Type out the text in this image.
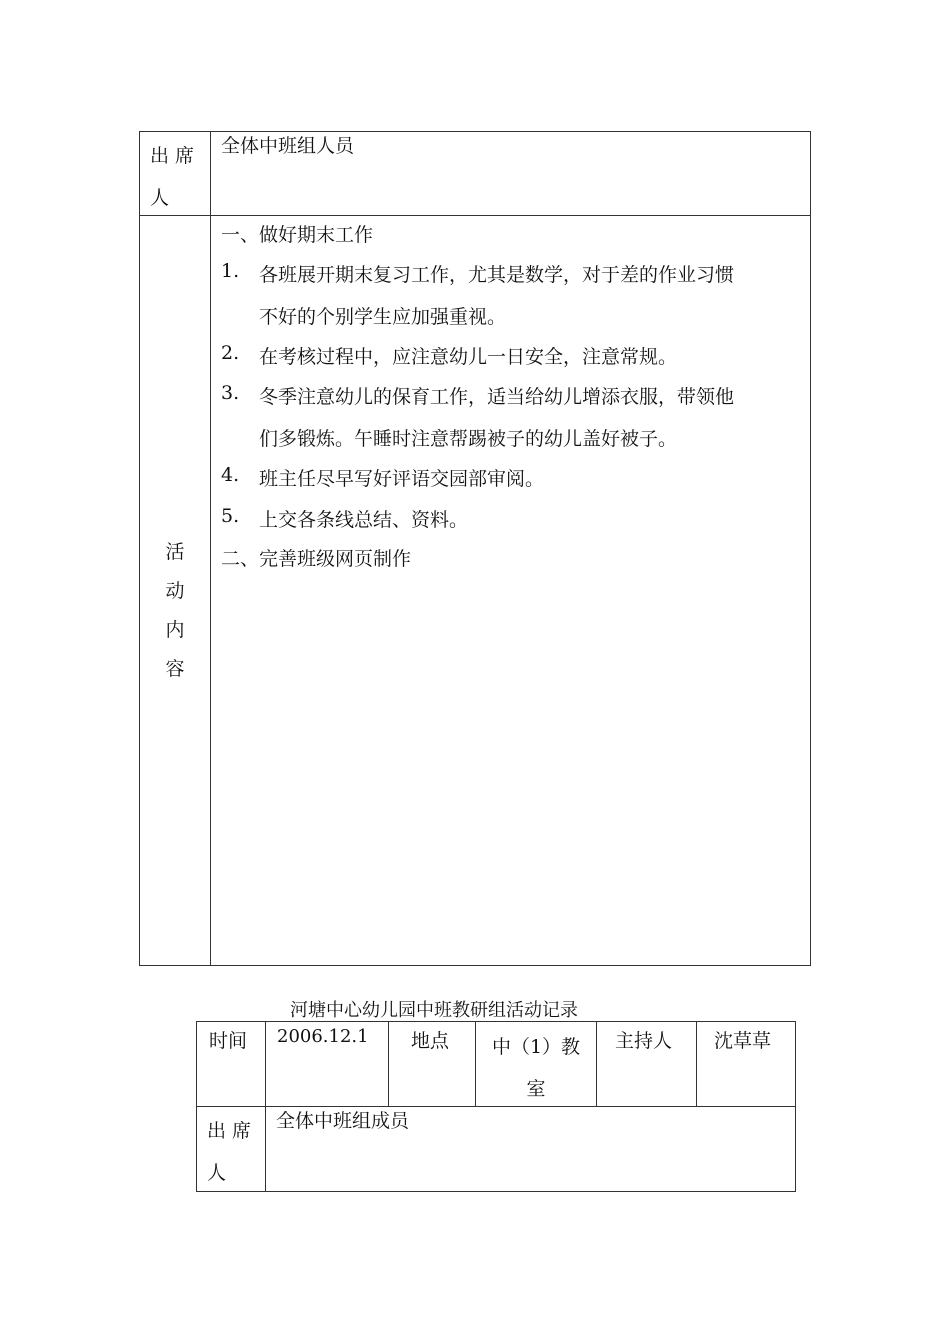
出席人
全体中班组人员
活动内容
一、做好期末工作
1. 各班展开期末复习工作，尤其是数学，对于差的作业习惯
不好的个别学生应加强重视。
2. 在考核过程中，应注意幼儿一日安全，注意常规。
3. 冬季注意幼儿的保育工作，适当给幼儿增添衣服，带领他
们多锻炼。午睡时注意帮踢被子的幼儿盖好被子。
4. 班主任尽早写好评语交园部审阅。
5. 上交各条线总结、资料。
二、完善班级网页制作
河塘中心幼儿园中班教研组活动记录
时间 2006.12.1 地点	中（1）教室
主持人 沈草草
出席人
全体中班组成员
